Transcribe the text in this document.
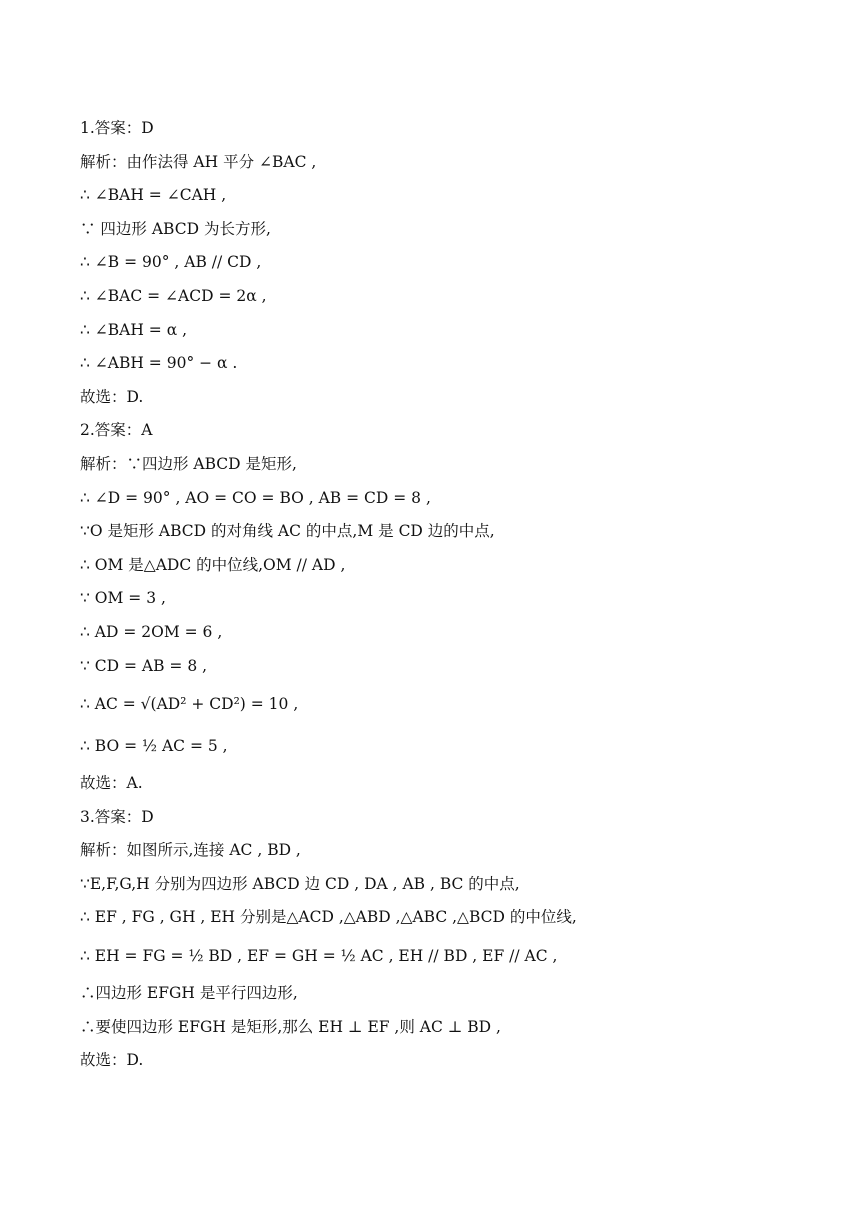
1.答案：D
解析：由作法得 AH 平分 ∠BAC ,
∴ ∠BAH = ∠CAH ,
∵ 四边形 ABCD 为长方形,
∴ ∠B = 90° , AB // CD ,
∴ ∠BAC = ∠ACD = 2α ,
∴ ∠BAH = α ,
∴ ∠ABH = 90° − α .
故选：D.
2.答案：A
解析：∵四边形 ABCD 是矩形,
∴ ∠D = 90° , AO = CO = BO , AB = CD = 8 ,
∵O 是矩形 ABCD 的对角线 AC 的中点,M 是 CD 边的中点,
∴ OM 是△ADC 的中位线,OM // AD ,
∵ OM = 3 ,
∴ AD = 2OM = 6 ,
∵ CD = AB = 8 ,
∴ AC = √(AD² + CD²) = 10 ,
∴ BO = ½ AC = 5 ,
故选：A.
3.答案：D
解析：如图所示,连接 AC , BD ,
∵E,F,G,H 分别为四边形 ABCD 边 CD , DA , AB , BC 的中点,
∴ EF , FG , GH , EH 分别是△ACD ,△ABD ,△ABC ,△BCD 的中位线,
∴ EH = FG = ½ BD , EF = GH = ½ AC , EH // BD , EF // AC ,
∴四边形 EFGH 是平行四边形,
∴要使四边形 EFGH 是矩形,那么 EH ⊥ EF ,则 AC ⊥ BD ,
故选：D.
